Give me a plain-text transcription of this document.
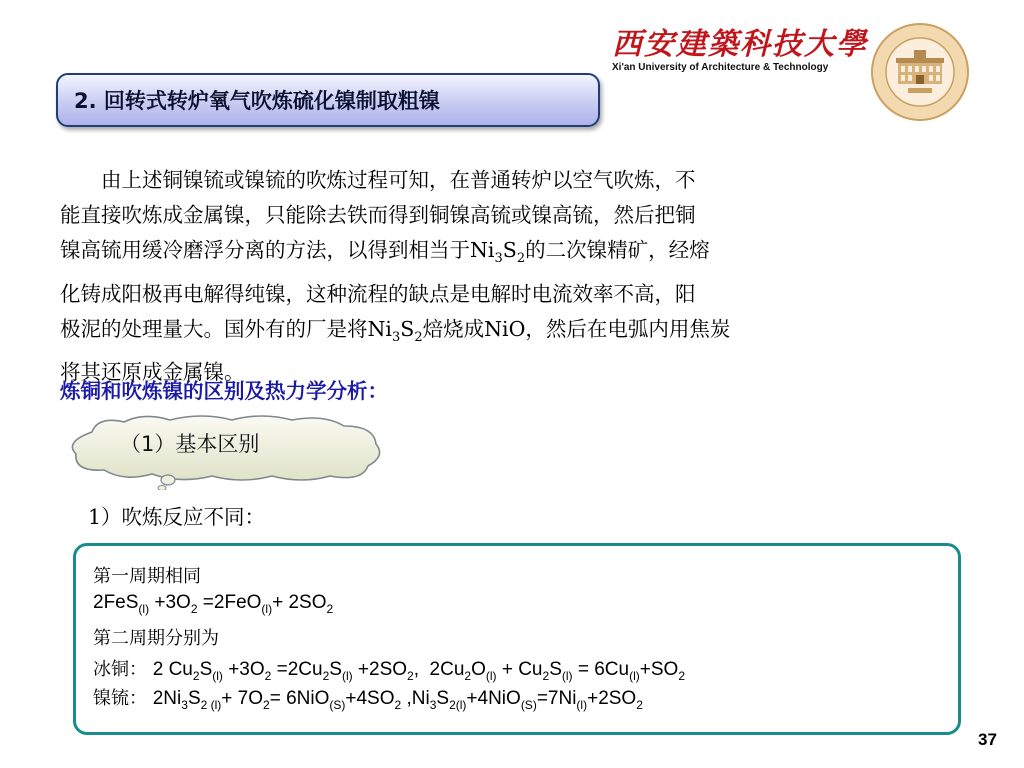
西安建築科技大學
Xi'an University of Architecture & Technology
2. 回转式转炉氧气吹炼硫化镍制取粗镍
　　由上述铜镍锍或镍锍的吹炼过程可知，在普通转炉以空气吹炼，不
能直接吹炼成金属镍，只能除去铁而得到铜镍高锍或镍高锍，然后把铜
镍高锍用缓冷磨浮分离的方法，以得到相当于$Ni_3S_2$的二次镍精矿，经熔
化铸成阳极再电解得纯镍，这种流程的缺点是电解时电流效率不高，阳
极泥的处理量大。国外有的厂是将$Ni_3S_2$焙烧成NiO，然后在电弧内用焦炭
将其还原成金属镍。
炼铜和吹炼镍的区别及热力学分析：
（1）基本区别
1）吹炼反应不同：
第一周期相同
$2FeS_{(l)} +3O_2 =2FeO_{(l)}+ 2SO_2$
第二周期分别为
冰铜： 2 $Cu_2S_{(l)} +3O_2 =2Cu_2S_{(l)} +2SO_2$,  $2Cu_2O_{(l)} + Cu_2S_{(l)} = 6Cu_{(l)}+SO_2$
镍锍： $2Ni_3S_{2 (l)}+ 7O_2= 6NiO_{(S)}+4SO_2$ $,Ni_3S_{2(l)}+4NiO_{(S)}=7Ni_{(l)}+2SO_2$
37
